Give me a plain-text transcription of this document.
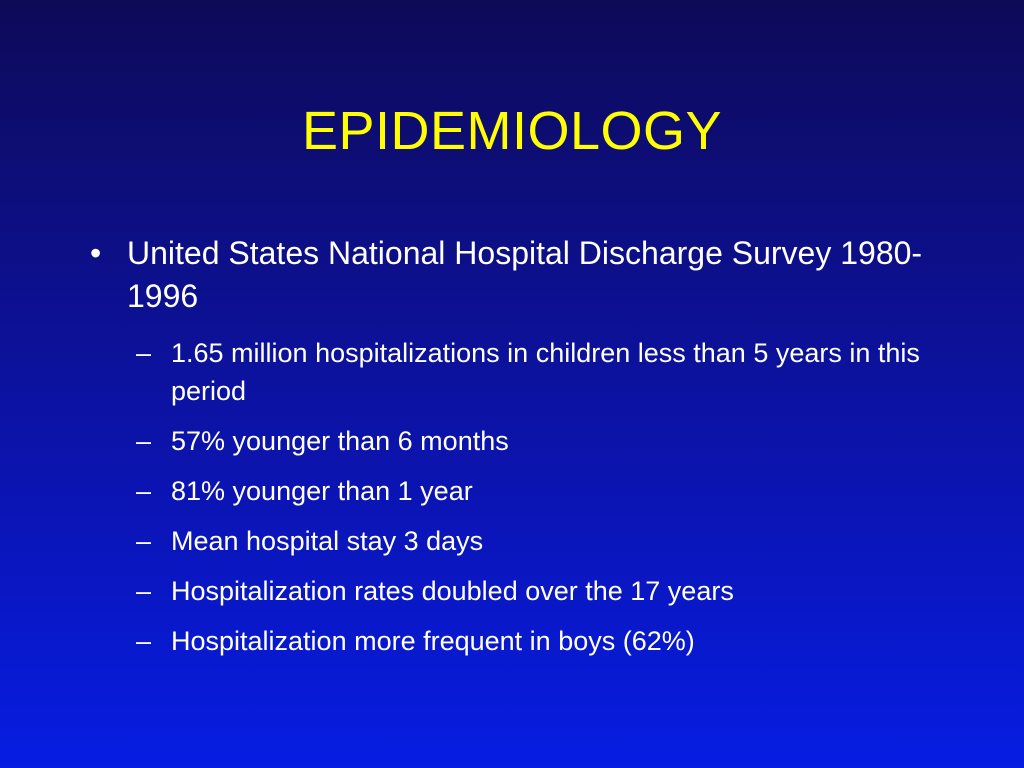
EPIDEMIOLOGY
• United States National Hospital Discharge Survey 1980-1996
– 1.65 million hospitalizations in children less than 5 years in this period
– 57% younger than 6 months
– 81% younger than 1 year
– Mean hospital stay 3 days
– Hospitalization rates doubled over the 17 years
– Hospitalization more frequent in boys (62%)
